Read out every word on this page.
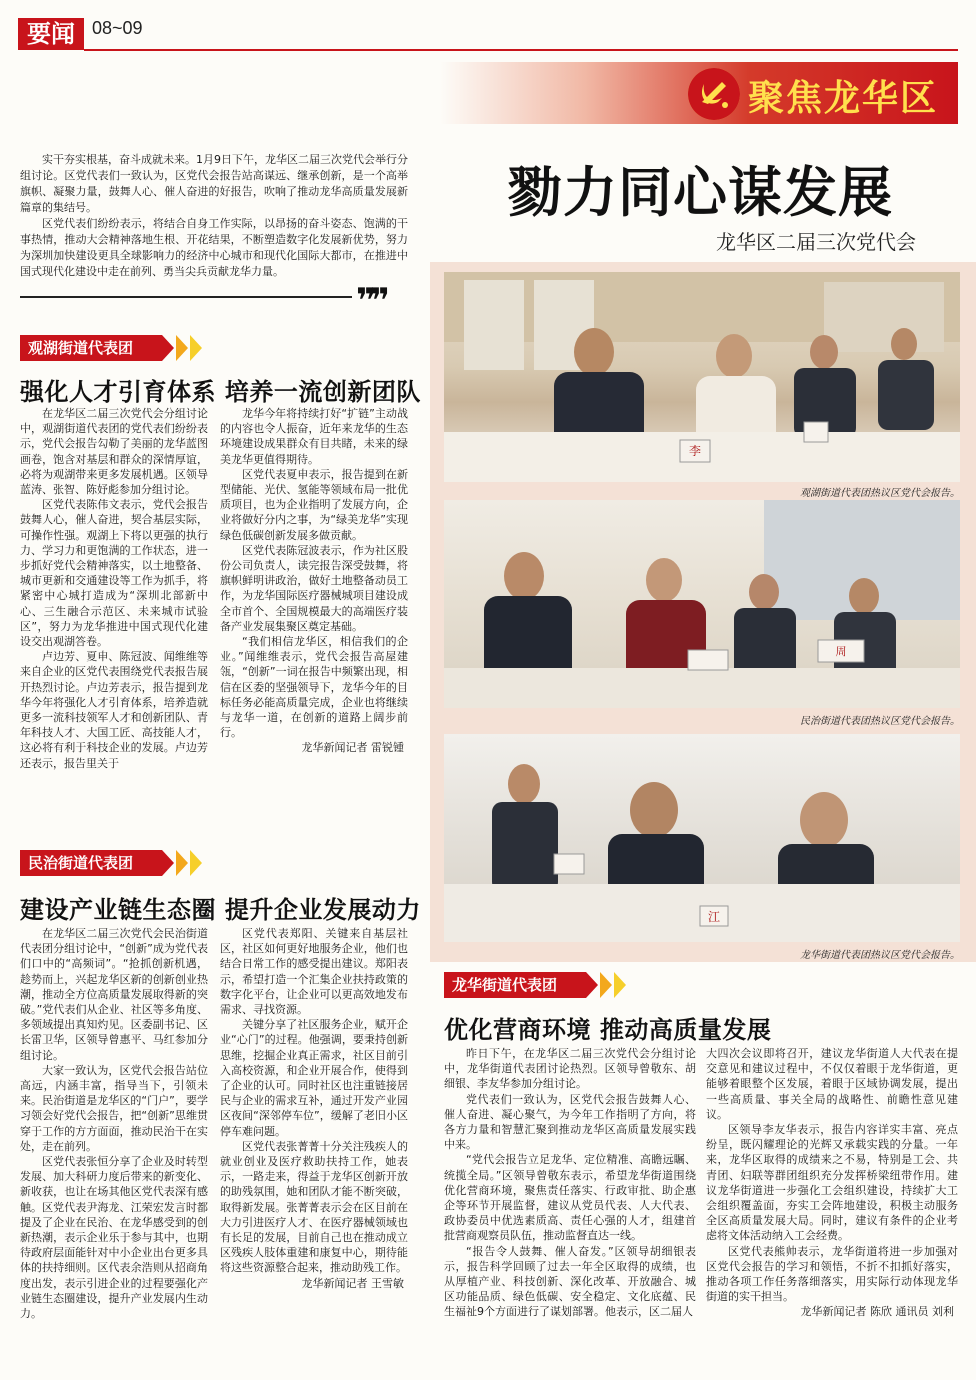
要闻 08~09
聚焦龙华区

实干夯实根基，奋斗成就未来。1月9日下午，龙华区二届三次党代会举行分组讨论。区党代表们一致认为，区党代会报告站高谋远、继承创新，是一个高举旗帜、凝聚力量，鼓舞人心、催人奋进的好报告，吹响了推动龙华高质量发展新篇章的集结号。

区党代表们纷纷表示，将结合自身工作实际，以昂扬的奋斗姿态、饱满的干事热情，推动大会精神落地生根、开花结果，不断塑造数字化发展新优势，努力为深圳加快建设更具全球影响力的经济中心城市和现代化国际大都市，在推进中国式现代化建设中走在前列、勇当尖兵贡献龙华力量。

❞❞
勠力同心谋发展
龙华区二届三次党代会
观湖街道代表团
强化人才引育体系 培养一流创新团队

在龙华区二届三次党代会分组讨论中，观湖街道代表团的党代表们纷纷表示，党代会报告勾勒了美丽的龙华蓝图画卷，饱含对基层和群众的深情厚谊，必将为观湖带来更多发展机遇。区领导蓝涛、张智、陈妤彪参加分组讨论。

区党代表陈伟文表示，党代会报告鼓舞人心，催人奋进，契合基层实际，可操作性强。观湖上下将以更强的执行力、学习力和更饱满的工作状态，进一步抓好党代会精神落实，以土地整备、城市更新和交通建设等工作为抓手，将紧密中心城打造成为“深圳北部新中心、三生融合示范区、未来城市试验区”，努力为龙华推进中国式现代化建设交出观湖答卷。

卢边芳、夏申、陈冠波、闻维维等来自企业的区党代表围绕党代表报告展开热烈讨论。卢边芳表示，报告提到龙华今年将强化人才引育体系，培养造就更多一流科技领军人才和创新团队、青年科技人才、大国工匠、高技能人才，这必将有利于科技企业的发展。卢边芳还表示，报告里关于

龙华今年将持续打好“扩链”主动战的内容也令人振奋，近年来龙华的生态环境建设成果群众有目共睹，未来的绿美龙华更值得期待。

区党代表夏申表示，报告提到在新型储能、光伏、氢能等领域布局一批优质项目，也为企业指明了发展方向，企业将做好分内之事，为“绿美龙华”实现绿色低碳创新发展多做贡献。

区党代表陈冠波表示，作为社区股份公司负责人，读完报告深受鼓舞，将旗帜鲜明讲政治，做好土地整备动员工作，为龙华国际医疗器械城项目建设成全市首个、全国规模最大的高端医疗装备产业发展集聚区奠定基础。

“我们相信龙华区，相信我们的企业。”闻维维表示，党代会报告高屋建瓴，“创新”一词在报告中频繁出现，相信在区委的坚强领导下，龙华今年的目标任务必能高质量完成，企业也将继续与龙华一道，在创新的道路上阔步前行。

龙华新闻记者 雷锐锺

民治街道代表团
建设产业链生态圈 提升企业发展动力

在龙华区二届三次党代会民治街道代表团分组讨论中，“创新”成为党代表们口中的“高频词”。“抢抓创新机遇，趁势而上，兴起龙华区新的创新创业热潮，推动全方位高质量发展取得新的突破。”党代表们从企业、社区等多角度、多领域提出真知灼见。区委副书记、区长雷卫华，区领导曾惠平、马红参加分组讨论。

大家一致认为，区党代会报告站位高远，内涵丰富，指导当下，引领未来。民治街道是龙华区的“门户”，要学习领会好党代会报告，把“创新”思维贯穿于工作的方方面面，推动民治干在实处，走在前列。

区党代表张恒分享了企业及时转型发展、加大科研力度后带来的新变化、新收获，也让在场其他区党代表深有感触。区党代表尹海龙、江荣宏发言时都提及了企业在民治、在龙华感受到的创新热潮，表示企业乐于参与其中，也期待政府层面能针对中小企业出台更多具体的扶持细则。区代表余浩则从招商角度出发，表示引进企业的过程要强化产业链生态圈建设，提升产业发展内生动力。

区党代表郑阳、关键来自基层社区，社区如何更好地服务企业，他们也结合日常工作的感受提出建议。郑阳表示，希望打造一个汇集企业扶持政策的数字化平台，让企业可以更高效地发布需求、寻找资源。

关键分享了社区服务企业，赋开企业“心门”的过程。他强调，要秉持创新思维，挖掘企业真正需求，社区目前引入高校资源，和企业开展合作，使得到了企业的认可。同时社区也注重链接居民与企业的需求互补，通过开发产业园区夜间“深邻停车位”，缓解了老旧小区停车难问题。

区党代表张菁菁十分关注残疾人的就业创业及医疗救助扶持工作，她表示，一路走来，得益于龙华区创新开放的助残氛围，她和团队才能不断突破，取得新发展。张菁菁表示会在区目前在大力引进医疗人才、在医疗器械领域也有长足的发展，目前自己也在推动成立区残疾人肢体重建和康复中心，期待能将这些资源整合起来，推动助残工作。

龙华新闻记者 王雪敏

李
观湖街道代表团热议区党代会报告。
周
民治街道代表团热议区党代会报告。
江
龙华街道代表团热议区党代会报告。
龙华街道代表团
优化营商环境 推动高质量发展

昨日下午，在龙华区二届三次党代会分组讨论中，龙华街道代表团讨论热烈。区领导曾敬东、胡细银、李友华参加分组讨论。

党代表们一致认为，区党代会报告鼓舞人心、催人奋进、凝心聚气，为今年工作指明了方向，将各方力量和智慧汇聚到推动龙华区高质量发展实践中来。

“党代会报告立足龙华、定位精准、高瞻远瞩、统揽全局。”区领导曾敬东表示，希望龙华街道围绕优化营商环境，聚焦责任落实、行政审批、助企惠企等环节开展监督，建议从党员代表、人大代表、政协委员中优选素质高、责任心强的人才，组建首批营商观察员队伍，推动监督直达一线。

“报告令人鼓舞、催人奋发。”区领导胡细银表示，报告科学回顾了过去一年全区取得的成绩，也从厚植产业、科技创新、深化改革、开放融合、城区功能品质、绿色低碳、安全稳定、文化底蕴、民生福祉9个方面进行了谋划部署。他表示，区二届人

大四次会议即将召开，建议龙华街道人大代表在提交意见和建议过程中，不仅仅着眼于龙华街道，更能够着眼整个区发展，着眼于区域协调发展，提出一些高质量、事关全局的战略性、前瞻性意见建议。

区领导李友华表示，报告内容详实丰富、亮点纷呈，既闪耀理论的光辉又承载实践的分量。一年来，龙华区取得的成绩来之不易，特别是工会、共青团、妇联等群团组织充分发挥桥梁纽带作用。建议龙华街道进一步强化工会组织建设，持续扩大工会组织覆盖面，夯实工会阵地建设，积极主动服务全区高质量发展大局。同时，建议有条件的企业考虑将文体活动纳入工会经费。

区党代表熊帅表示，龙华街道将进一步加强对区党代会报告的学习和领悟，不折不扣抓好落实，推动各项工作任务落细落实，用实际行动体现龙华街道的实干担当。

龙华新闻记者 陈欣 通讯员 刘利
